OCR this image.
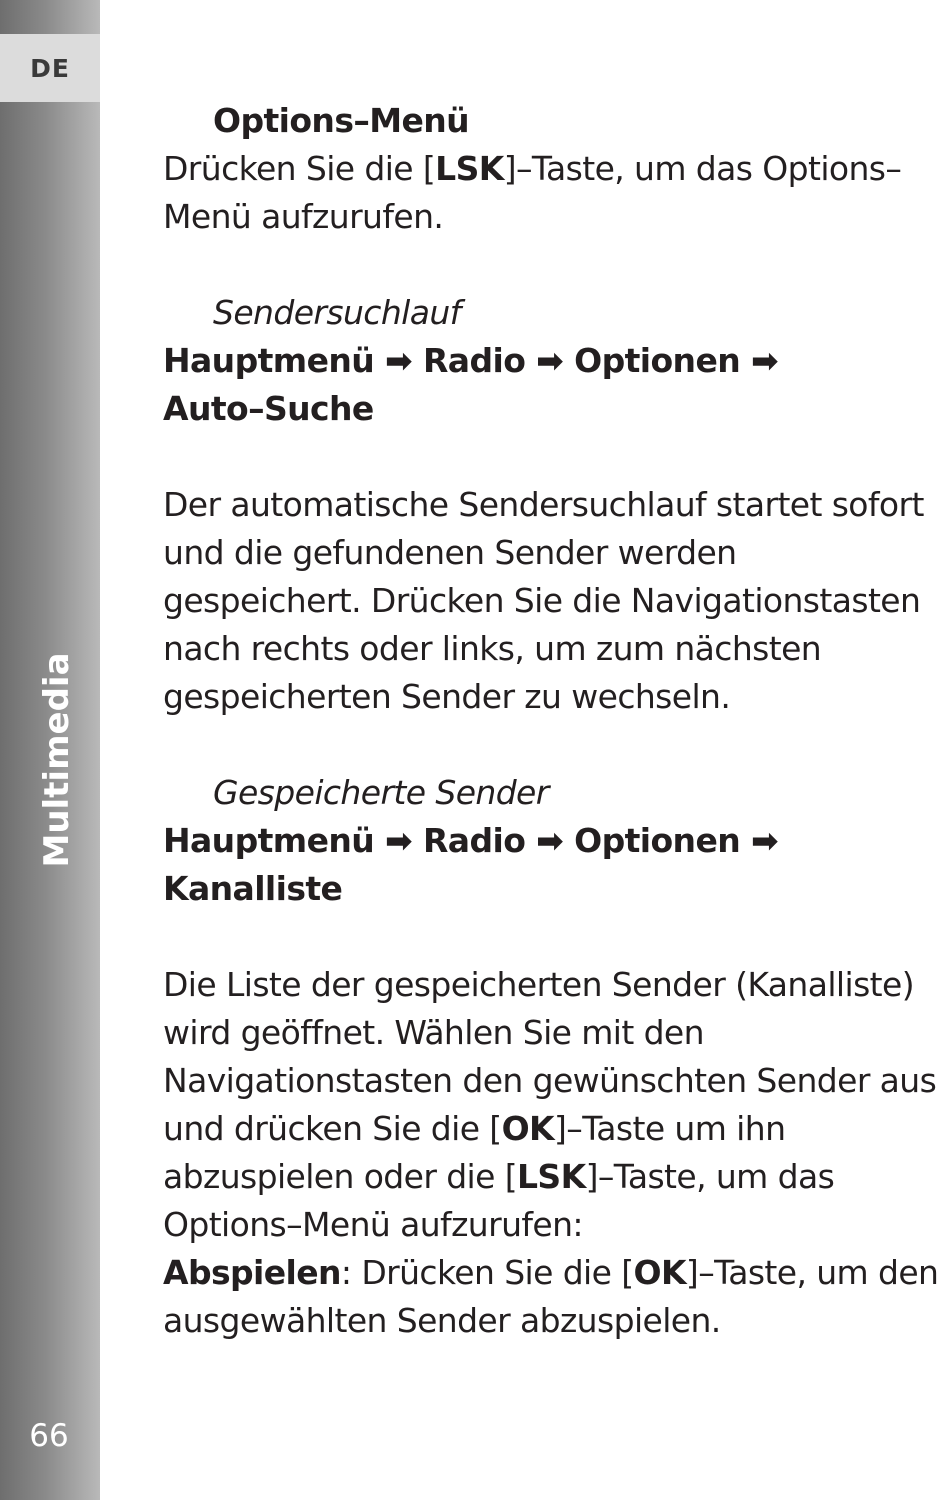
DE
Multimedia
66

Options–Menü

Drücken Sie die [LSK]–Taste, um das Options–Menü aufzurufen.

Sendersuchlauf

Hauptmenü ➡ Radio ➡ Optionen ➡
Auto–Suche

Der automatische Sendersuchlauf startet sofort und die gefundenen Sender werden gespeichert. Drücken Sie die Navigationstasten nach rechts oder links, um zum nächsten gespeicherten Sender zu wechseln.

Gespeicherte Sender

Hauptmenü ➡ Radio ➡ Optionen ➡
Kanalliste

Die Liste der gespeicherten Sender (Kanalliste) wird geöffnet. Wählen Sie mit den Navigationstasten den gewünschten Sender aus und drücken Sie die [OK]–Taste um ihn abzuspielen oder die [LSK]–Taste, um das Options–Menü aufzurufen:

Abspielen: Drücken Sie die [OK]–Taste, um den ausgewählten Sender abzuspielen.
